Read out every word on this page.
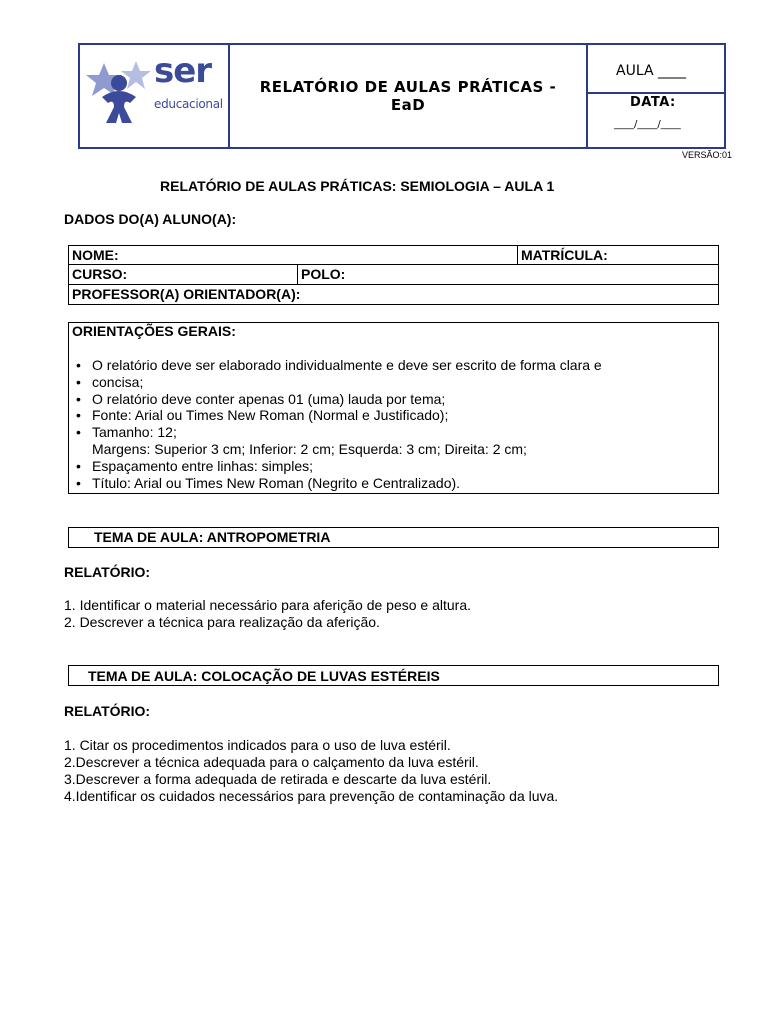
ser
educacional
RELATÓRIO DE AULAS PRÁTICAS -
EaD
AULA ____
DATA:
____/____/____
VERSÃO:01
RELATÓRIO DE AULAS PRÁTICAS: SEMIOLOGIA – AULA 1
DADOS DO(A) ALUNO(A):
NOME:	MATRÍCULA:
CURSO:	POLO:
PROFESSOR(A) ORIENTADOR(A):
ORIENTAÇÕES GERAIS:
• O relatório deve ser elaborado individualmente e deve ser escrito de forma clara e
• concisa;
• O relatório deve conter apenas 01 (uma) lauda por tema;
• Fonte: Arial ou Times New Roman (Normal e Justificado);
• Tamanho: 12;
Margens: Superior 3 cm; Inferior: 2 cm; Esquerda: 3 cm; Direita: 2 cm;
• Espaçamento entre linhas: simples;
• Título: Arial ou Times New Roman (Negrito e Centralizado).
TEMA DE AULA: ANTROPOMETRIA
RELATÓRIO:
1. Identificar o material necessário para aferição de peso e altura.
2. Descrever a técnica para realização da aferição.
TEMA DE AULA: COLOCAÇÃO DE LUVAS ESTÉREIS
RELATÓRIO:
1. Citar os procedimentos indicados para o uso de luva estéril.
2.Descrever a técnica adequada para o calçamento da luva estéril.
3.Descrever a forma adequada de retirada e descarte da luva estéril.
4.Identificar os cuidados necessários para prevenção de contaminação da luva.
